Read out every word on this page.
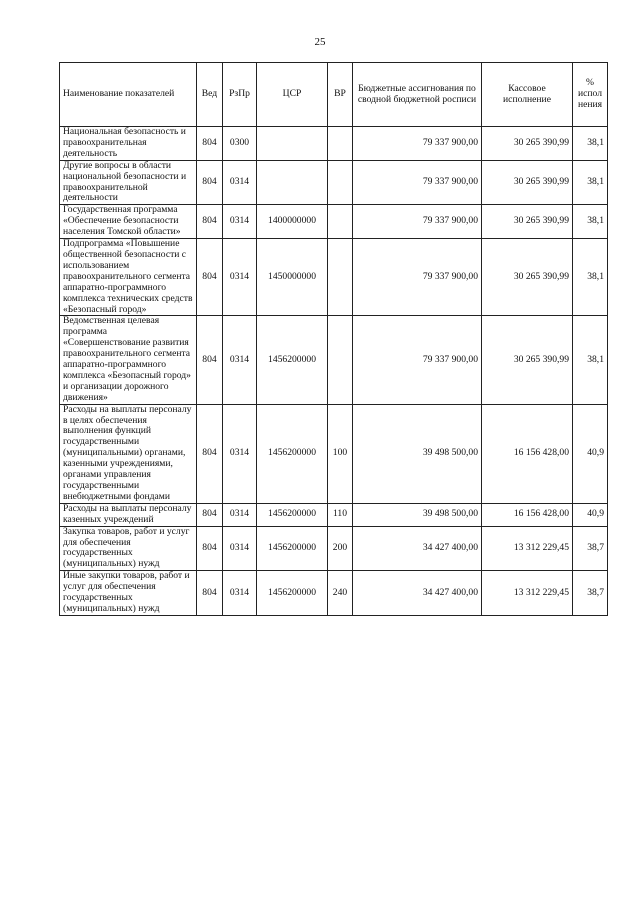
25
Наименование показателей	Вед	РзПр	ЦСР	ВР	Бюджетные ассигнования по сводной бюджетной росписи	Кассовое исполнение	% испол нения
Национальная безопасность и правоохранительная деятельность	804	0300			79 337 900,00	30 265 390,99	38,1
Другие вопросы в области национальной безопасности и правоохранительной деятельности	804	0314			79 337 900,00	30 265 390,99	38,1
Государственная программа «Обеспечение безопасности населения Томской области»	804	0314	1400000000		79 337 900,00	30 265 390,99	38,1
Подпрограмма «Повышение общественной безопасности с использованием правоохранительного сегмента аппаратно-программного комплекса технических средств «Безопасный город»	804	0314	1450000000		79 337 900,00	30 265 390,99	38,1
Ведомственная целевая программа «Совершенствование развития правоохранительного сегмента аппаратно-программного комплекса «Безопасный город» и организации дорожного движения»	804	0314	1456200000		79 337 900,00	30 265 390,99	38,1
Расходы на выплаты персоналу в целях обеспечения выполнения функций государственными (муниципальными) органами, казенными учреждениями, органами управления государственными внебюджетными фондами	804	0314	1456200000	100	39 498 500,00	16 156 428,00	40,9
Расходы на выплаты персоналу казенных учреждений	804	0314	1456200000	110	39 498 500,00	16 156 428,00	40,9
Закупка товаров, работ и услуг для обеспечения государственных (муниципальных) нужд	804	0314	1456200000	200	34 427 400,00	13 312 229,45	38,7
Иные закупки товаров, работ и услуг для обеспечения государственных (муниципальных) нужд	804	0314	1456200000	240	34 427 400,00	13 312 229,45	38,7
